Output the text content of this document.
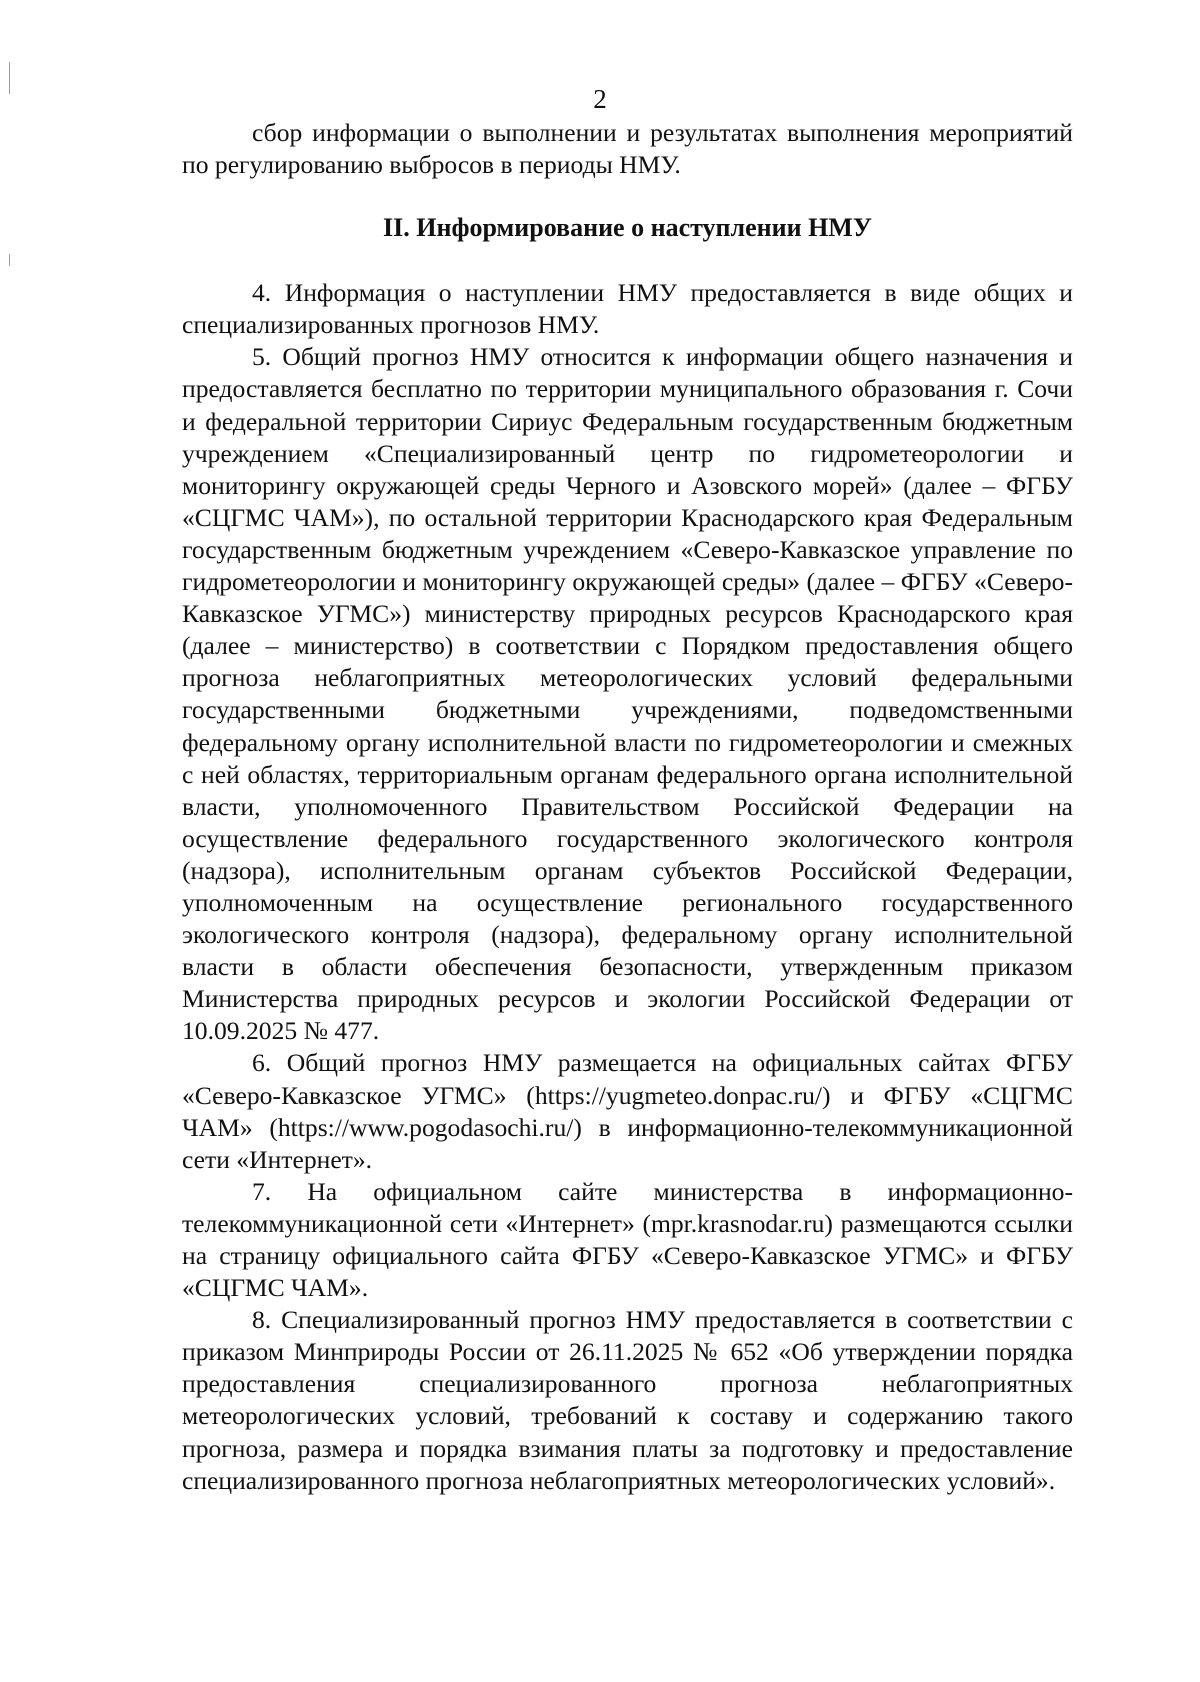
2

сбор информации о выполнении и результатах выполнения мероприятий по регулированию выбросов в периоды НМУ.

II. Информирование о наступлении НМУ

4. Информация о наступлении НМУ предоставляется в виде общих и специализированных прогнозов НМУ.

5. Общий прогноз НМУ относится к информации общего назначения и предоставляется бесплатно по территории муниципального образования г. Сочи и федеральной территории Сириус Федеральным государственным бюджетным учреждением «Специализированный центр по гидрометеорологии и мониторингу окружающей среды Черного и Азовского морей» (далее – ФГБУ «СЦГМС ЧАМ»), по остальной территории Краснодарского края Федеральным государственным бюджетным учреждением «Северо-Кавказское управление по гидрометеорологии и мониторингу окружающей среды» (далее – ФГБУ «Северо-Кавказское УГМС») министерству природных ресурсов Краснодарского края (далее – министерство) в соответствии с Порядком предоставления общего прогноза неблагоприятных метеорологических условий федеральными государственными бюджетными учреждениями, подведомственными федеральному органу исполнительной власти по гидрометеорологии и смежных с ней областях, территориальным органам федерального органа исполнительной власти, уполномоченного Правительством Российской Федерации на осуществление федерального государственного экологического контроля (надзора), исполнительным органам субъектов Российской Федерации, уполномоченным на осуществление регионального государственного экологического контроля (надзора), федеральному органу исполнительной власти в области обеспечения безопасности, утвержденным приказом Министерства природных ресурсов и экологии Российской Федерации от 10.09.2025 № 477.

6. Общий прогноз НМУ размещается на официальных сайтах ФГБУ «Северо-Кавказское УГМС» (https://yugmeteo.donpac.ru/) и ФГБУ «СЦГМС ЧАМ» (https://www.pogodasochi.ru/) в информационно-телекоммуникационной сети «Интернет».

7. На официальном сайте министерства в информационно-телекоммуникационной сети «Интернет» (mpr.krasnodar.ru) размещаются ссылки на страницу официального сайта ФГБУ «Северо-Кавказское УГМС» и ФГБУ «СЦГМС ЧАМ».

8. Специализированный прогноз НМУ предоставляется в соответствии с приказом Минприроды России от 26.11.2025 № 652 «Об утверждении порядка предоставления специализированного прогноза неблагоприятных метеорологических условий, требований к составу и содержанию такого прогноза, размера и порядка взимания платы за подготовку и предоставление специализированного прогноза неблагоприятных метеорологических условий».
